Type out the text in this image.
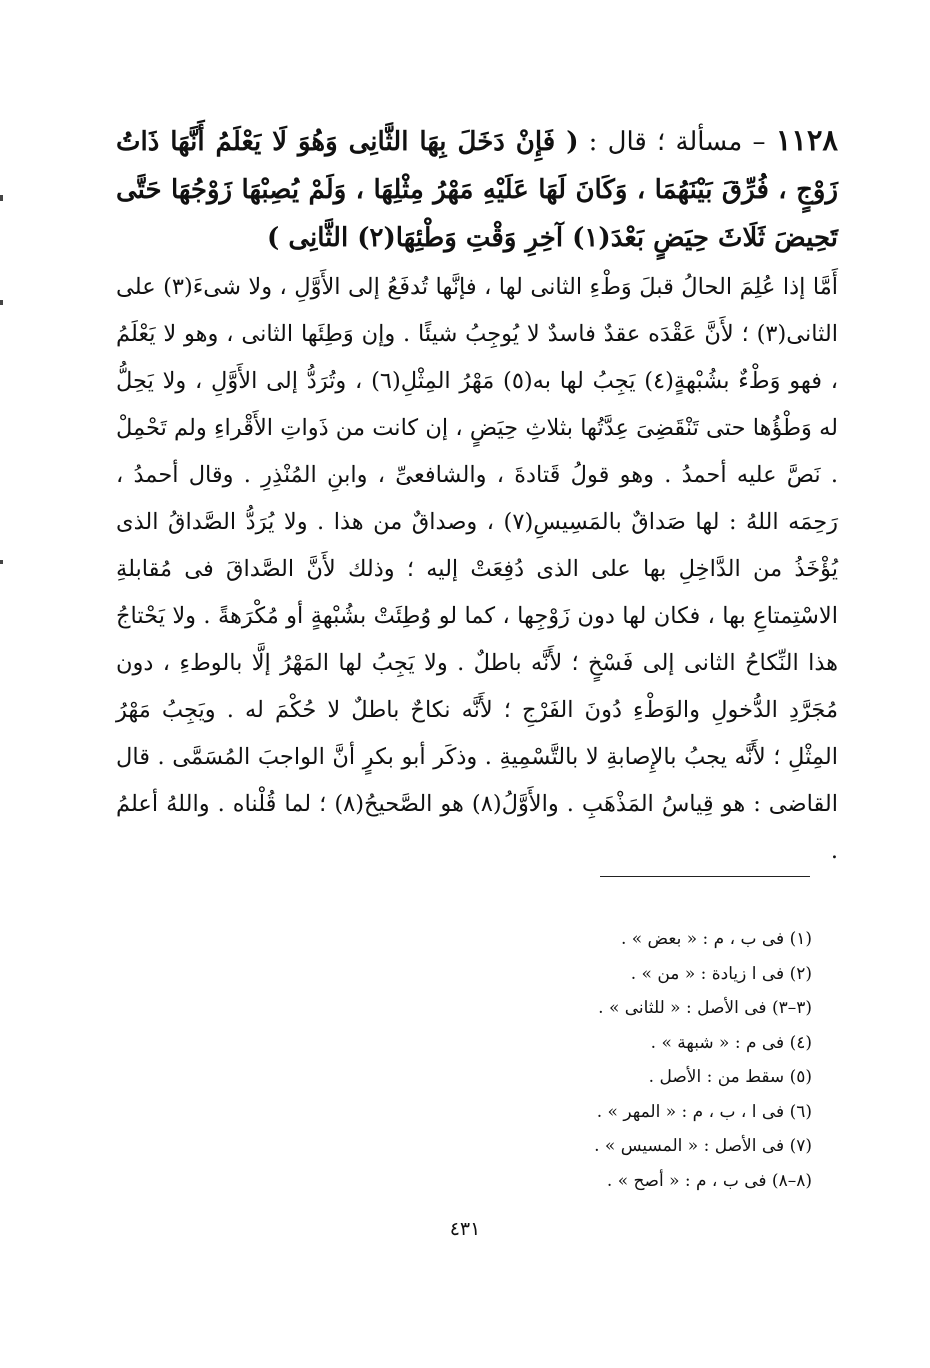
١١٢٨ – مسألة ؛ قال : ( فَإِنْ دَخَلَ بِهَا الثَّانِى وَهُوَ لَا يَعْلَمُ أَنَّهَا ذَاتُ زَوْجٍ ، فُرِّقَ بَيْنَهُمَا ، وَكَانَ لَهَا عَلَيْهِ مَهْرُ مِثْلِهَا ، وَلَمْ يُصِبْهَا زَوْجُهَا حَتَّى تَحِيضَ ثَلَاثَ حِيَضٍ بَعْدَ(١) آخِرِ وَقْتِ وَطْئِهَا(٢) الثَّانِى )
أَمَّا إذا عُلِمَ الحالُ قبلَ وَطْءِ الثانى لها ، فإنَّها تُدفَعُ إلى الأَوَّلِ ، ولا شىءَ(٣) على الثانى(٣) ؛ لأَنَّ عَقْدَه عقدٌ فاسدٌ لا يُوجِبُ شيئًا . وإن وَطِئَها الثانى ، وهو لا يَعْلَمُ ، فهو وَطْءٌ بشُبْهةٍ(٤) يَجِبُ لها به(٥) مَهْرُ المِثْلِ(٦) ، وتُرَدُّ إلى الأَوَّلِ ، ولا يَحِلُّ له وَطْؤُها حتى تَنْقَضِىَ عِدَّتُها بثلاثِ حِيَضٍ ، إن كانت من ذَواتِ الأَقْراءِ ولم تَحْمِلْ . نَصَّ عليه أحمدُ . وهو قولُ قَتادةَ ، والشافعىِّ ، وابنِ المُنْذِرِ . وقال أحمدُ ، رَحِمَه اللهُ : لها صَداقٌ بالمَسِيسِ(٧) ، وصداقٌ من هذا . ولا يُرَدُّ الصَّداقُ الذى يُؤْخَذُ من الدَّاخِلِ بها على الذى دُفِعَتْ إليه ؛ وذلك لأَنَّ الصَّداقَ فى مُقابلةِ الاسْتِمتاعِ بها ، فكان لها دون زَوْجِها ، كما لو وُطِئَتْ بشُبْهةٍ أو مُكْرَهةً . ولا يَحْتاجُ هذا النِّكاحُ الثانى إلى فَسْخٍ ؛ لأَنَّه باطلٌ . ولا يَجِبُ لها المَهْرُ إلَّا بالوطءِ ، دون مُجَرَّدِ الدُّخولِ والوَطْءِ دُونَ الفَرْجِ ؛ لأَنَّه نكاحٌ باطلٌ لا حُكْمَ له . ويَجِبُ مَهْرُ المِثْلِ ؛ لأَنَّه يجبُ بالإِصابةِ لا بالتَّسْمِيةِ . وذكَر أبو بكرٍ أنَّ الواجبَ المُسَمَّى . قال القاضى : هو قِياسُ المَذْهَبِ . والأَوَّلُ(٨) هو الصَّحيحُ(٨) ؛ لما قُلْناه . واللهُ أعلمُ .
(١) فى ب ، م : « بعض » .
(٢) فى ا زيادة : « من » .
(٣–٣) فى الأصل : « للثانى » .
(٤) فى م : « شبهة » .
(٥) سقط من : الأصل .
(٦) فى ا ، ب ، م : « المهر » .
(٧) فى الأصل : « المسيس » .
(٨–٨) فى ب ، م : « أصح » .
٤٣١
